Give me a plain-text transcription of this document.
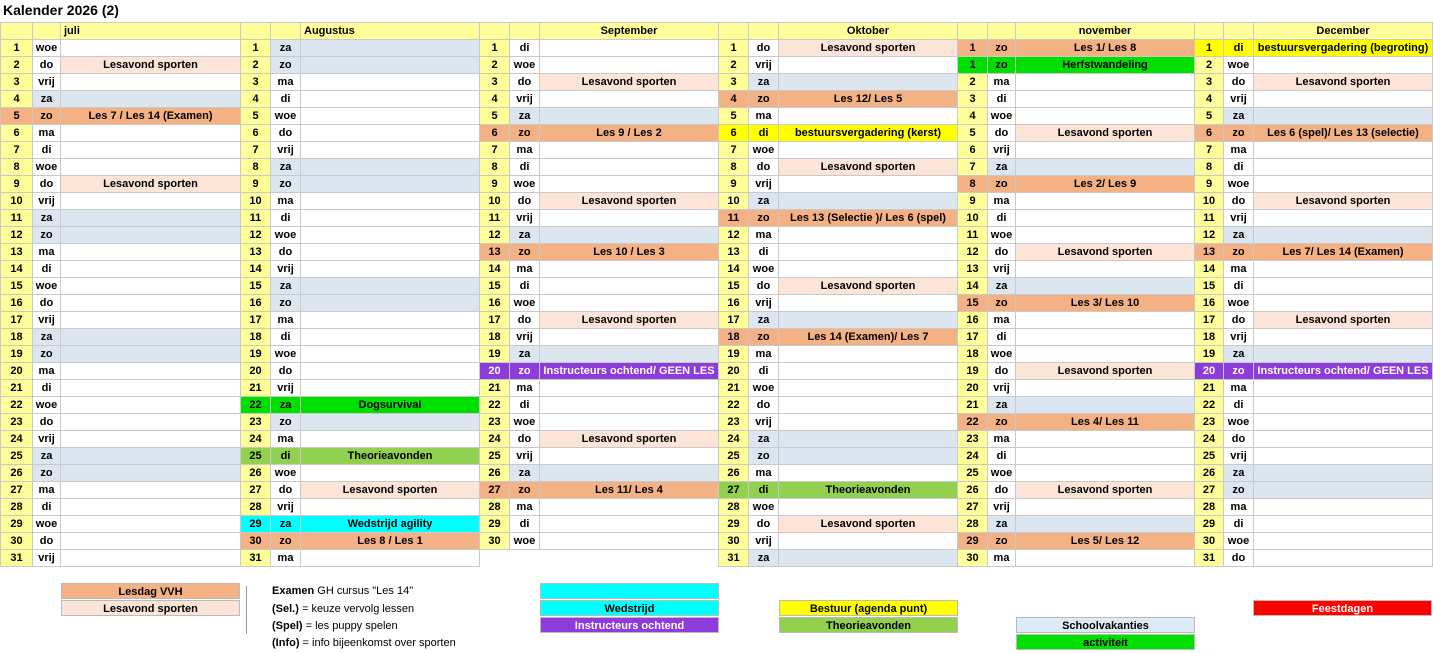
Kalender 2026 (2)
		juli			Augustus			September			Oktober			november			December
1	woe		1	za		1	di		1	do	Lesavond sporten	1	zo	Les 1/ Les 8	1	di	bestuursvergadering (begroting)
2	do	Lesavond sporten	2	zo		2	woe		2	vrij		1	zo	Herfstwandeling	2	woe	
3	vrij		3	ma		3	do	Lesavond sporten	3	za		2	ma		3	do	Lesavond sporten
4	za		4	di		4	vrij		4	zo	Les 12/ Les 5	3	di		4	vrij	
5	zo	Les 7 / Les 14 (Examen)	5	woe		5	za		5	ma		4	woe		5	za	
6	ma		6	do		6	zo	Les 9 / Les 2	6	di	bestuursvergadering (kerst)	5	do	Lesavond sporten	6	zo	Les 6 (spel)/ Les 13 (selectie)
7	di		7	vrij		7	ma		7	woe		6	vrij		7	ma	
8	woe		8	za		8	di		8	do	Lesavond sporten	7	za		8	di	
9	do	Lesavond sporten	9	zo		9	woe		9	vrij		8	zo	Les 2/ Les 9	9	woe	
10	vrij		10	ma		10	do	Lesavond sporten	10	za		9	ma		10	do	Lesavond sporten
11	za		11	di		11	vrij		11	zo	Les 13 (Selectie )/ Les 6 (spel)	10	di		11	vrij	
12	zo		12	woe		12	za		12	ma		11	woe		12	za	
13	ma		13	do		13	zo	Les 10 / Les 3	13	di		12	do	Lesavond sporten	13	zo	Les 7/ Les 14 (Examen)
14	di		14	vrij		14	ma		14	woe		13	vrij		14	ma	
15	woe		15	za		15	di		15	do	Lesavond sporten	14	za		15	di	
16	do		16	zo		16	woe		16	vrij		15	zo	Les 3/ Les 10	16	woe	
17	vrij		17	ma		17	do	Lesavond sporten	17	za		16	ma		17	do	Lesavond sporten
18	za		18	di		18	vrij		18	zo	Les 14 (Examen)/ Les 7	17	di		18	vrij	
19	zo		19	woe		19	za		19	ma		18	woe		19	za	
20	ma		20	do		20	zo	Instructeurs ochtend/ GEEN LES	20	di		19	do	Lesavond sporten	20	zo	Instructeurs ochtend/ GEEN LES
21	di		21	vrij		21	ma		21	woe		20	vrij		21	ma	
22	woe		22	za	Dogsurvival	22	di		22	do		21	za		22	di	
23	do		23	zo		23	woe		23	vrij		22	zo	Les 4/ Les 11	23	woe	
24	vrij		24	ma		24	do	Lesavond sporten	24	za		23	ma		24	do	
25	za		25	di	Theorieavonden	25	vrij		25	zo		24	di		25	vrij	
26	zo		26	woe		26	za		26	ma		25	woe		26	za	
27	ma		27	do	Lesavond sporten	27	zo	Les 11/ Les 4	27	di	Theorieavonden	26	do	Lesavond sporten	27	zo	
28	di		28	vrij		28	ma		28	woe		27	vrij		28	ma	
29	woe		29	za	Wedstrijd agility	29	di		29	do	Lesavond sporten	28	za		29	di	
30	do		30	zo	Les 8 / Les 1	30	woe		30	vrij		29	zo	Les 5/ Les 12	30	woe	
31	vrij		31	ma					31	za		30	ma		31	do	

Lesdag VVH
Lesavond sporten
Examen GH cursus "Les 14"
(Sel.) = keuze vervolg lessen
(Spel) = les puppy spelen
(Info) = info bijeenkomst over sporten
Wedstrijd
Instructeurs ochtend
Bestuur (agenda punt)
Theorieavonden	Schoolvakanties
activiteit
Feestdagen
